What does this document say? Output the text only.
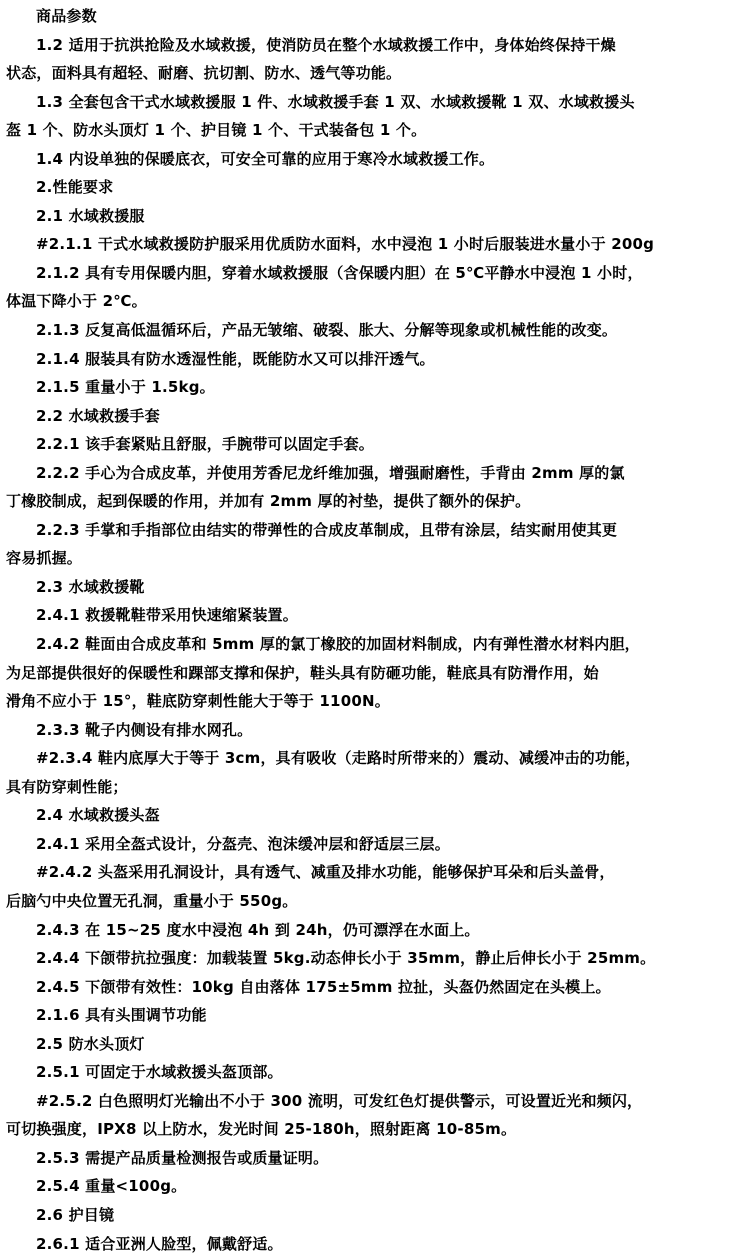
商品参数
1.2 适用于抗洪抢险及水域救援，使消防员在整个水域救援工作中，身体始终保持干燥
状态，面料具有超轻、耐磨、抗切割、防水、透气等功能。
1.3 全套包含干式水域救援服 1 件、水域救援手套 1 双、水域救援靴 1 双、水域救援头
盔 1 个、防水头顶灯 1 个、护目镜 1 个、干式装备包 1 个。
1.4 内设单独的保暖底衣，可安全可靠的应用于寒冷水域救援工作。
2.性能要求
2.1 水域救援服
#2.1.1 干式水域救援防护服采用优质防水面料，水中浸泡 1 小时后服装进水量小于 200g
2.1.2 具有专用保暖内胆，穿着水域救援服（含保暖内胆）在 5℃平静水中浸泡 1 小时，
体温下降小于 2℃。
2.1.3 反复高低温循环后，产品无皱缩、破裂、胀大、分解等现象或机械性能的改变。
2.1.4 服装具有防水透湿性能，既能防水又可以排汗透气。
2.1.5 重量小于 1.5kg。
2.2 水域救援手套
2.2.1 该手套紧贴且舒服，手腕带可以固定手套。
2.2.2 手心为合成皮革，并使用芳香尼龙纤维加强，增强耐磨性，手背由 2mm 厚的氯
丁橡胶制成，起到保暖的作用，并加有 2mm 厚的衬垫，提供了额外的保护。
2.2.3 手掌和手指部位由结实的带弹性的合成皮革制成，且带有涂层，结实耐用使其更
容易抓握。
2.3 水域救援靴
2.4.1 救援靴鞋带采用快速缩紧装置。
2.4.2 鞋面由合成皮革和 5mm 厚的氯丁橡胶的加固材料制成，内有弹性潜水材料内胆，
为足部提供很好的保暖性和踝部支撑和保护，鞋头具有防砸功能，鞋底具有防滑作用，始
滑角不应小于 15°，鞋底防穿刺性能大于等于 1100N。
2.3.3 靴子内侧设有排水网孔。
#2.3.4 鞋内底厚大于等于 3cm，具有吸收（走路时所带来的）震动、减缓冲击的功能，
具有防穿刺性能；
2.4 水域救援头盔
2.4.1 采用全盔式设计，分盔壳、泡沫缓冲层和舒适层三层。
#2.4.2 头盔采用孔洞设计，具有透气、减重及排水功能，能够保护耳朵和后头盖骨，
后脑勺中央位置无孔洞，重量小于 550g。
2.4.3 在 15~25 度水中浸泡 4h 到 24h，仍可漂浮在水面上。
2.4.4 下颌带抗拉强度：加载装置 5kg.动态伸长小于 35mm，静止后伸长小于 25mm。
2.4.5 下颌带有效性：10kg 自由落体 175±5mm 拉扯，头盔仍然固定在头模上。
2.1.6 具有头围调节功能
2.5 防水头顶灯
2.5.1 可固定于水域救援头盔顶部。
#2.5.2 白色照明灯光输出不小于 300 流明，可发红色灯提供警示，可设置近光和频闪，
可切换强度，IPX8 以上防水，发光时间 25-180h，照射距离 10-85m。
2.5.3 需提产品质量检测报告或质量证明。
2.5.4 重量<100g。
2.6 护目镜
2.6.1 适合亚洲人脸型，佩戴舒适。
